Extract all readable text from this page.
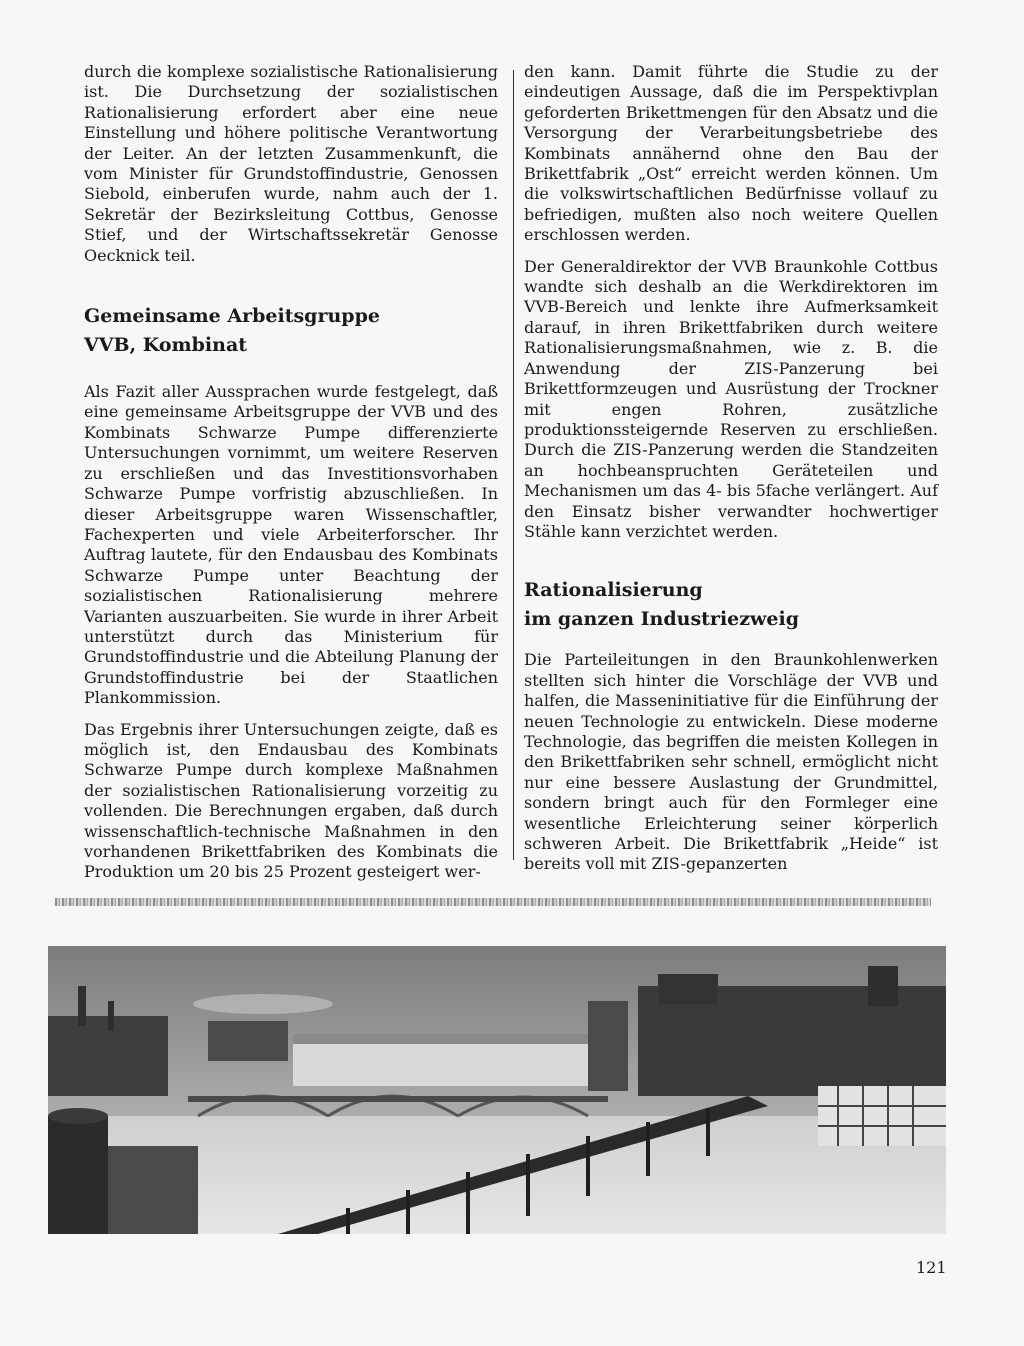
durch die komplexe sozialistische Rationalisierung ist. Die Durchsetzung der sozialistischen Rationalisierung erfordert aber eine neue Einstellung und höhere politische Verantwortung der Leiter. An der letzten Zusammenkunft, die vom Minister für Grundstoffindustrie, Genossen Siebold, einberufen wurde, nahm auch der 1. Sekretär der Bezirksleitung Cottbus, Genosse Stief, und der Wirtschaftssekretär Genosse Oecknick teil.

Gemeinsame Arbeitsgruppe
VVB, Kombinat

Als Fazit aller Aussprachen wurde festgelegt, daß eine gemeinsame Arbeitsgruppe der VVB und des Kombinats Schwarze Pumpe differenzierte Untersuchungen vornimmt, um weitere Reserven zu erschließen und das Investitionsvorhaben Schwarze Pumpe vorfristig abzuschließen. In dieser Arbeitsgruppe waren Wissenschaftler, Fachexperten und viele Arbeiterforscher. Ihr Auftrag lautete, für den Endausbau des Kombinats Schwarze Pumpe unter Beachtung der sozialistischen Rationalisierung mehrere Varianten auszuarbeiten. Sie wurde in ihrer Arbeit unterstützt durch das Ministerium für Grundstoffindustrie und die Abteilung Planung der Grundstoffindustrie bei der Staatlichen Plankommission.

Das Ergebnis ihrer Untersuchungen zeigte, daß es möglich ist, den Endausbau des Kombinats Schwarze Pumpe durch komplexe Maßnahmen der sozialistischen Rationalisierung vorzeitig zu vollenden. Die Berechnungen ergaben, daß durch wissenschaftlich-technische Maßnahmen in den vorhandenen Brikettfabriken des Kombinats die Produktion um 20 bis 25 Prozent gesteigert wer-

den kann. Damit führte die Studie zu der eindeutigen Aussage, daß die im Perspektivplan geforderten Brikettmengen für den Absatz und die Versorgung der Verarbeitungsbetriebe des Kombinats annähernd ohne den Bau der Brikettfabrik „Ost“ erreicht werden können. Um die volkswirtschaftlichen Bedürfnisse vollauf zu befriedigen, mußten also noch weitere Quellen erschlossen werden.

Der Generaldirektor der VVB Braunkohle Cottbus wandte sich deshalb an die Werkdirektoren im VVB-Bereich und lenkte ihre Aufmerksamkeit darauf, in ihren Brikettfabriken durch weitere Rationalisierungsmaßnahmen, wie z. B. die Anwendung der ZIS-Panzerung bei Brikettformzeugen und Ausrüstung der Trockner mit engen Rohren, zusätzliche produktionssteigernde Reserven zu erschließen. Durch die ZIS-Panzerung werden die Standzeiten an hochbeanspruchten Geräteteilen und Mechanismen um das 4- bis 5fache verlängert. Auf den Einsatz bisher verwandter hochwertiger Stähle kann verzichtet werden.

Rationalisierung
im ganzen Industriezweig

Die Parteileitungen in den Braunkohlenwerken stellten sich hinter die Vorschläge der VVB und halfen, die Masseninitiative für die Einführung der neuen Technologie zu entwickeln. Diese moderne Technologie, das begriffen die meisten Kollegen in den Brikettfabriken sehr schnell, ermöglicht nicht nur eine bessere Auslastung der Grundmittel, sondern bringt auch für den Formleger eine wesentliche Erleichterung seiner körperlich schweren Arbeit. Die Brikettfabrik „Heide“ ist bereits voll mit ZIS-gepanzerten

121
